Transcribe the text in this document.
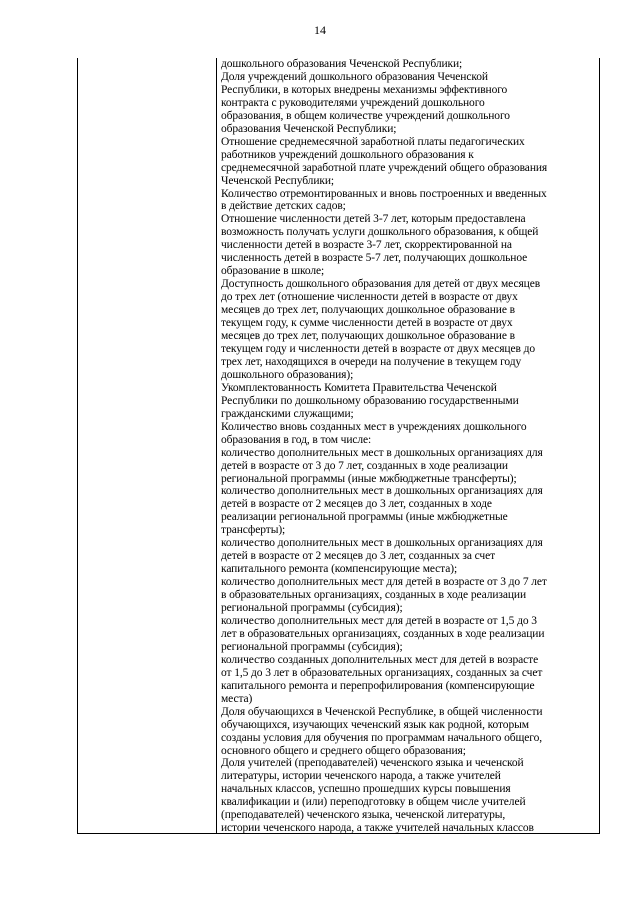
14
дошкольного образования Чеченской Республики;
Доля учреждений дошкольного образования Чеченской
Республики, в которых внедрены механизмы эффективного
контракта с руководителями учреждений дошкольного
образования, в общем количестве учреждений дошкольного
образования Чеченской Республики;
Отношение среднемесячной заработной платы педагогических
работников учреждений дошкольного образования к
среднемесячной заработной плате учреждений общего образования
Чеченской Республики;
Количество отремонтированных и вновь построенных и введенных
в действие детских садов;
Отношение численности детей 3-7 лет, которым предоставлена
возможность получать услуги дошкольного образования, к общей
численности детей в возрасте 3-7 лет, скорректированной на
численность детей в возрасте 5-7 лет, получающих дошкольное
образование в школе;
Доступность дошкольного образования для детей от двух месяцев
до трех лет (отношение численности детей в возрасте от двух
месяцев до трех лет, получающих дошкольное образование в
текущем году, к сумме численности детей в возрасте от двух
месяцев до трех лет, получающих дошкольное образование в
текущем году и численности детей в возрасте от двух месяцев до
трех лет, находящихся в очереди на получение в текущем году
дошкольного образования);
Укомплектованность Комитета Правительства Чеченской
Республики по дошкольному образованию государственными
гражданскими служащими;
Количество вновь созданных мест в учреждениях дошкольного
образования в год, в том числе:
количество дополнительных мест в дошкольных организациях для
детей в возрасте от 3 до 7 лет, созданных в ходе реализации
региональной программы (иные мжбюджетные трансферты);
количество дополнительных мест в дошкольных организациях для
детей в возрасте от 2 месяцев до 3 лет, созданных в ходе
реализации региональной программы (иные мжбюджетные
трансферты);
количество дополнительных мест в дошкольных организациях для
детей в возрасте от 2 месяцев до 3 лет, созданных за счет
капитального ремонта (компенсирующие места);
количество дополнительных мест для детей в возрасте от 3 до 7 лет
в образовательных организациях, созданных в ходе реализации
региональной программы (субсидия);
количество дополнительных мест для детей в возрасте от 1,5 до 3
лет в образовательных организациях, созданных в ходе реализации
региональной программы (субсидия);
количество созданных дополнительных мест для детей в возрасте
от 1,5 до 3 лет в образовательных организациях, созданных за счет
капитального ремонта и перепрофилирования (компенсирующие
места)
Доля обучающихся в Чеченской Республике, в общей численности
обучающихся, изучающих чеченский язык как родной, которым
созданы условия для обучения по программам начального общего,
основного общего и среднего общего образования;
Доля учителей (преподавателей) чеченского языка и чеченской
литературы, истории чеченского народа, а также учителей
начальных классов, успешно прошедших курсы повышения
квалификации и (или) переподготовку в общем числе учителей
(преподавателей) чеченского языка, чеченской литературы,
истории чеченского народа, а также учителей начальных классов
